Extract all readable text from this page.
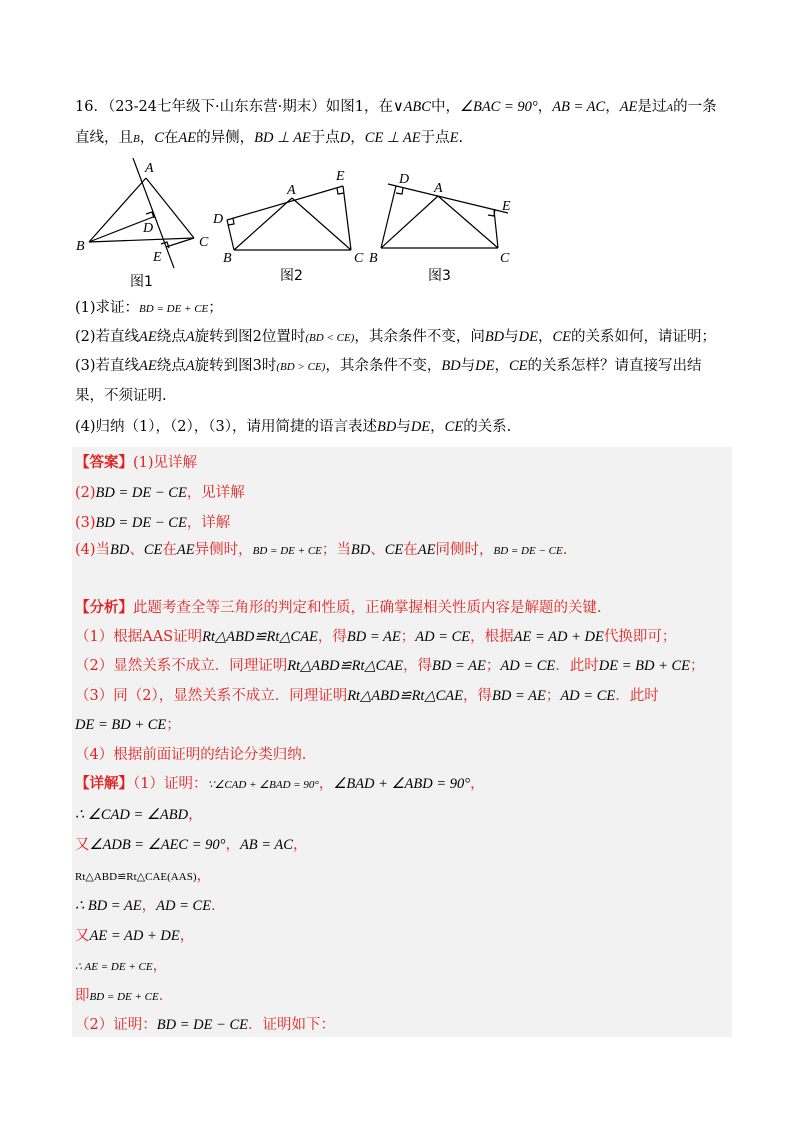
16．（23-24七年级下·山东东营·期末）如图1，在∨ABC中，∠BAC = 90°，AB = AC，AE是过A的一条
直线，且B，C在AE的异侧，BD ⊥ AE于点D，CE ⊥ AE于点E.
A
B	C
D
E
A
B	C
D
E
A
B	C
D
E
图1	图2	图3
(1)求证：BD = DE + CE；
(2)若直线AE绕点A旋转到图2位置时(BD < CE)，其余条件不变，问BD与DE，CE的关系如何，请证明；
(3)若直线AE绕点A旋转到图3时(BD > CE)，其余条件不变，BD与DE，CE的关系怎样？请直接写出结
果，不须证明.
(4)归纳（1），（2），（3），请用简捷的语言表述BD与DE，CE的关系.
【答案】(1)见详解
(2)BD = DE − CE，见详解
(3)BD = DE − CE，详解
(4)当BD、CE在AE异侧时，BD = DE + CE；当BD、CE在AE同侧时，BD = DE − CE.
【分析】此题考查全等三角形的判定和性质，正确掌握相关性质内容是解题的关键.
（1）根据AAS证明Rt△ABD≌Rt△CAE，得BD = AE；AD = CE，根据AE = AD + DE代换即可；
（2）显然关系不成立．同理证明Rt△ABD≌Rt△CAE，得BD = AE；AD = CE．此时DE = BD + CE；
（3）同（2），显然关系不成立．同理证明Rt△ABD≌Rt△CAE，得BD = AE；AD = CE．此时
DE = BD + CE；
（4）根据前面证明的结论分类归纳.
【详解】（1）证明：∵∠CAD + ∠BAD = 90°，∠BAD + ∠ABD = 90°，
∴ ∠CAD = ∠ABD，
又∠ADB = ∠AEC = 90°，AB = AC，
Rt△ABD≌Rt△CAE(AAS)，
∴ BD = AE，AD = CE．
又AE = AD + DE，
∴ AE = DE + CE，
即BD = DE + CE．
（2）证明：BD = DE − CE．证明如下：
